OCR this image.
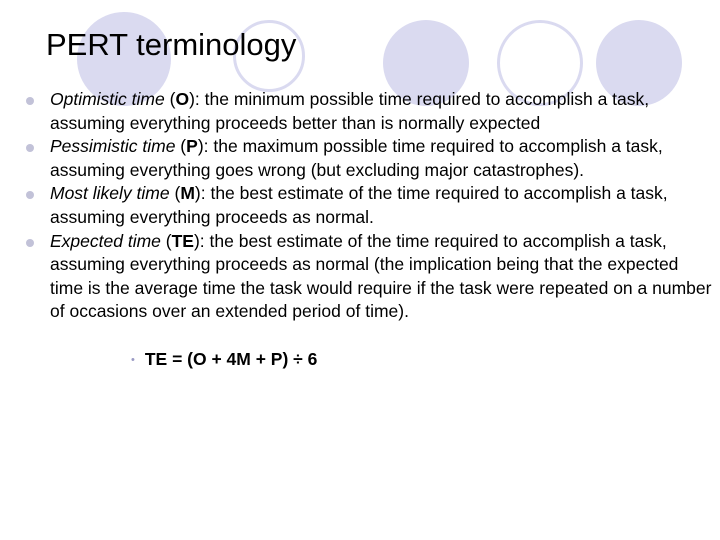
PERT terminology
Optimistic time (O): the minimum possible time required to accomplish a task, assuming everything proceeds better than is normally expected
Pessimistic time (P): the maximum possible time required to accomplish a task, assuming everything goes wrong (but excluding major catastrophes).
Most likely time (M): the best estimate of the time required to accomplish a task, assuming everything proceeds as normal.
Expected time (TE): the best estimate of the time required to accomplish a task, assuming everything proceeds as normal (the implication being that the expected time is the average time the task would require if the task were repeated on a number of occasions over an extended period of time).
• TE = (O + 4M + P) ÷ 6
